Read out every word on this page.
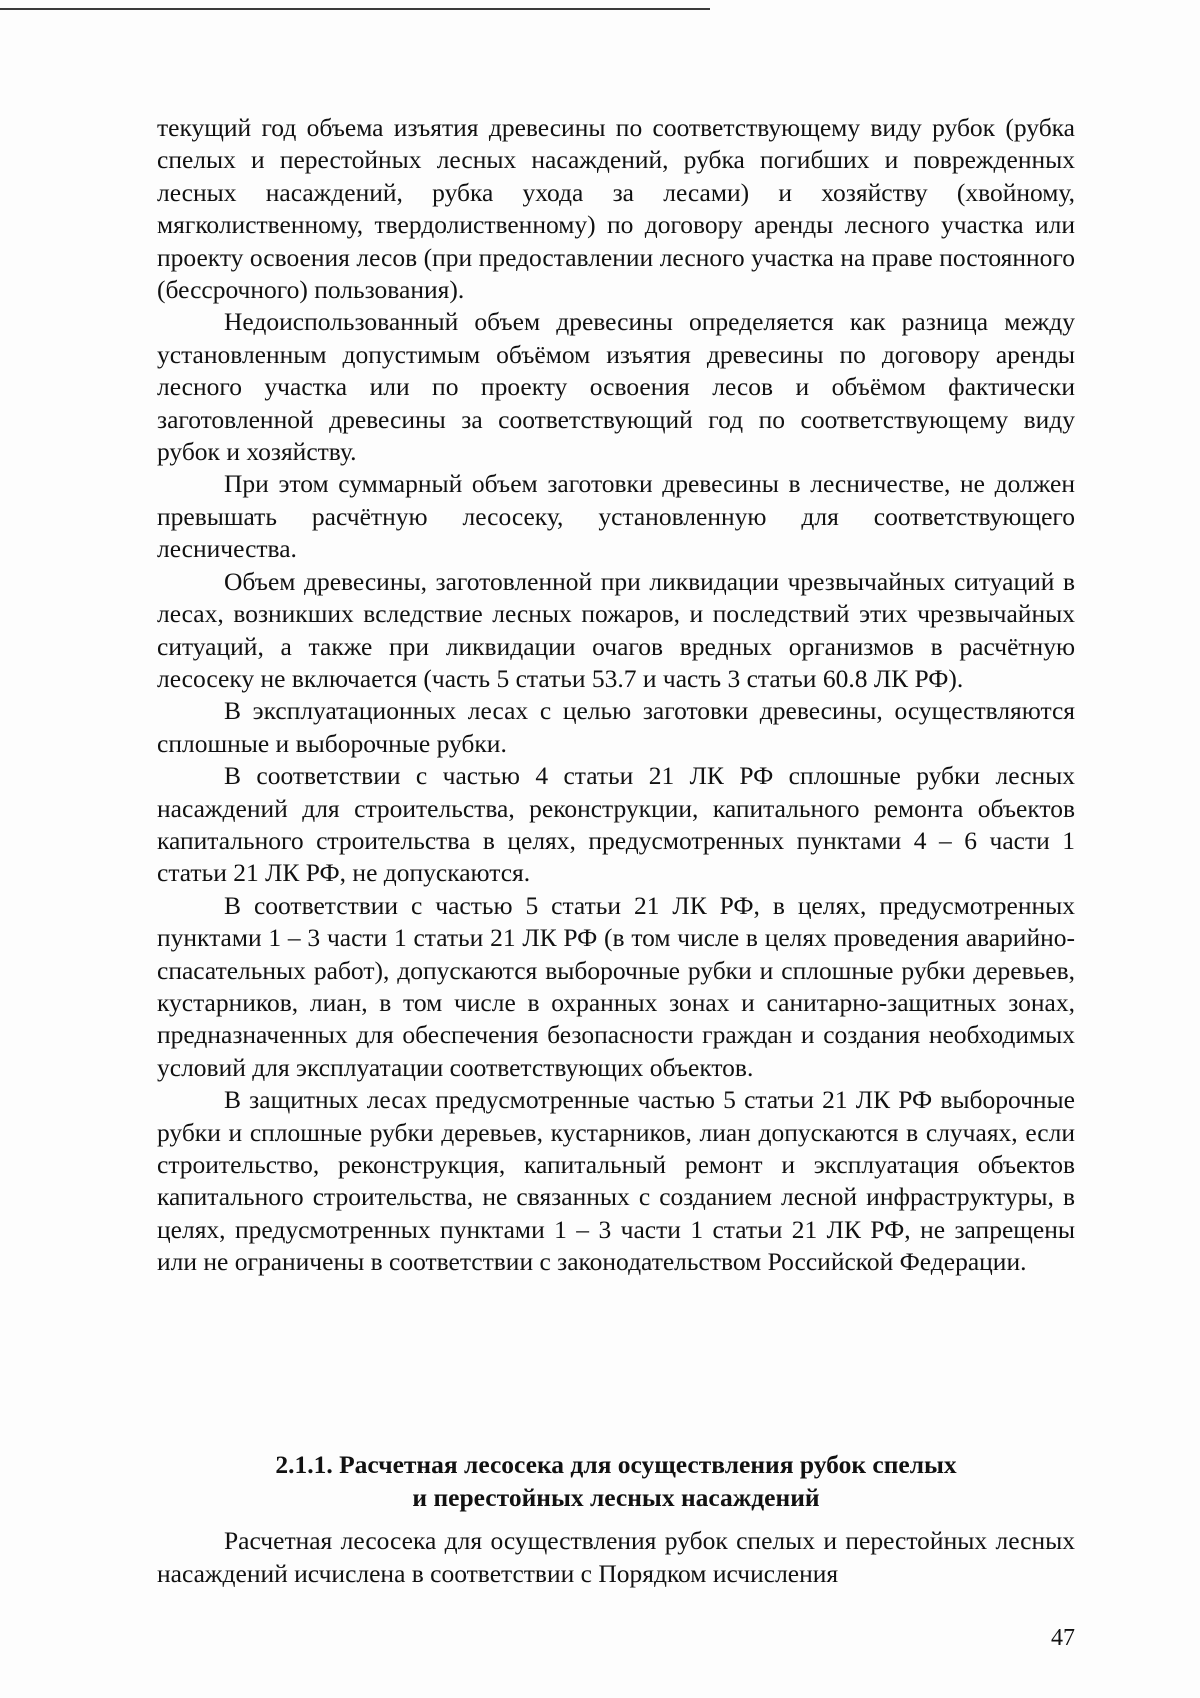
текущий год объема изъятия древесины по соответствующему виду рубок (рубка спелых и перестойных лесных насаждений, рубка погибших и поврежденных лесных насаждений, рубка ухода за лесами) и хозяйству (хвойному, мягколиственному, твердолиственному) по договору аренды лесного участка или проекту освоения лесов (при предоставлении лесного участка на праве постоянного (бессрочного) пользования).

Недоиспользованный объем древесины определяется как разница между установленным допустимым объёмом изъятия древесины по договору аренды лесного участка или по проекту освоения лесов и объёмом фактически заготовленной древесины за соответствующий год по соответствующему виду рубок и хозяйству.

При этом суммарный объем заготовки древесины в лесничестве, не должен превышать расчётную лесосеку, установленную для соответствующего лесничества.

Объем древесины, заготовленной при ликвидации чрезвычайных ситуаций в лесах, возникших вследствие лесных пожаров, и последствий этих чрезвычайных ситуаций, а также при ликвидации очагов вредных организмов в расчётную лесосеку не включается (часть 5 статьи 53.7 и часть 3 статьи 60.8 ЛК РФ).

В эксплуатационных лесах с целью заготовки древесины, осуществляются сплошные и выборочные рубки.

В соответствии с частью 4 статьи 21 ЛК РФ сплошные рубки лесных насаждений для строительства, реконструкции, капитального ремонта объектов капитального строительства в целях, предусмотренных пунктами 4 – 6 части 1 статьи 21 ЛК РФ, не допускаются.

В соответствии с частью 5 статьи 21 ЛК РФ, в целях, предусмотренных пунктами 1 – 3 части 1 статьи 21 ЛК РФ (в том числе в целях проведения аварийно-спасательных работ), допускаются выборочные рубки и сплошные рубки деревьев, кустарников, лиан, в том числе в охранных зонах и санитарно-защитных зонах, предназначенных для обеспечения безопасности граждан и создания необходимых условий для эксплуатации соответствующих объектов.

В защитных лесах предусмотренные частью 5 статьи 21 ЛК РФ выборочные рубки и сплошные рубки деревьев, кустарников, лиан допускаются в случаях, если строительство, реконструкция, капитальный ремонт и эксплуатация объектов капитального строительства, не связанных с созданием лесной инфраструктуры, в целях, предусмотренных пунктами 1 – 3 части 1 статьи 21 ЛК РФ, не запрещены или не ограничены в соответствии с законодательством Российской Федерации.

2.1.1. Расчетная лесосека для осуществления рубок спелых
и перестойных лесных насаждений

Расчетная лесосека для осуществления рубок спелых и перестойных лесных насаждений исчислена в соответствии с Порядком исчисления

47
